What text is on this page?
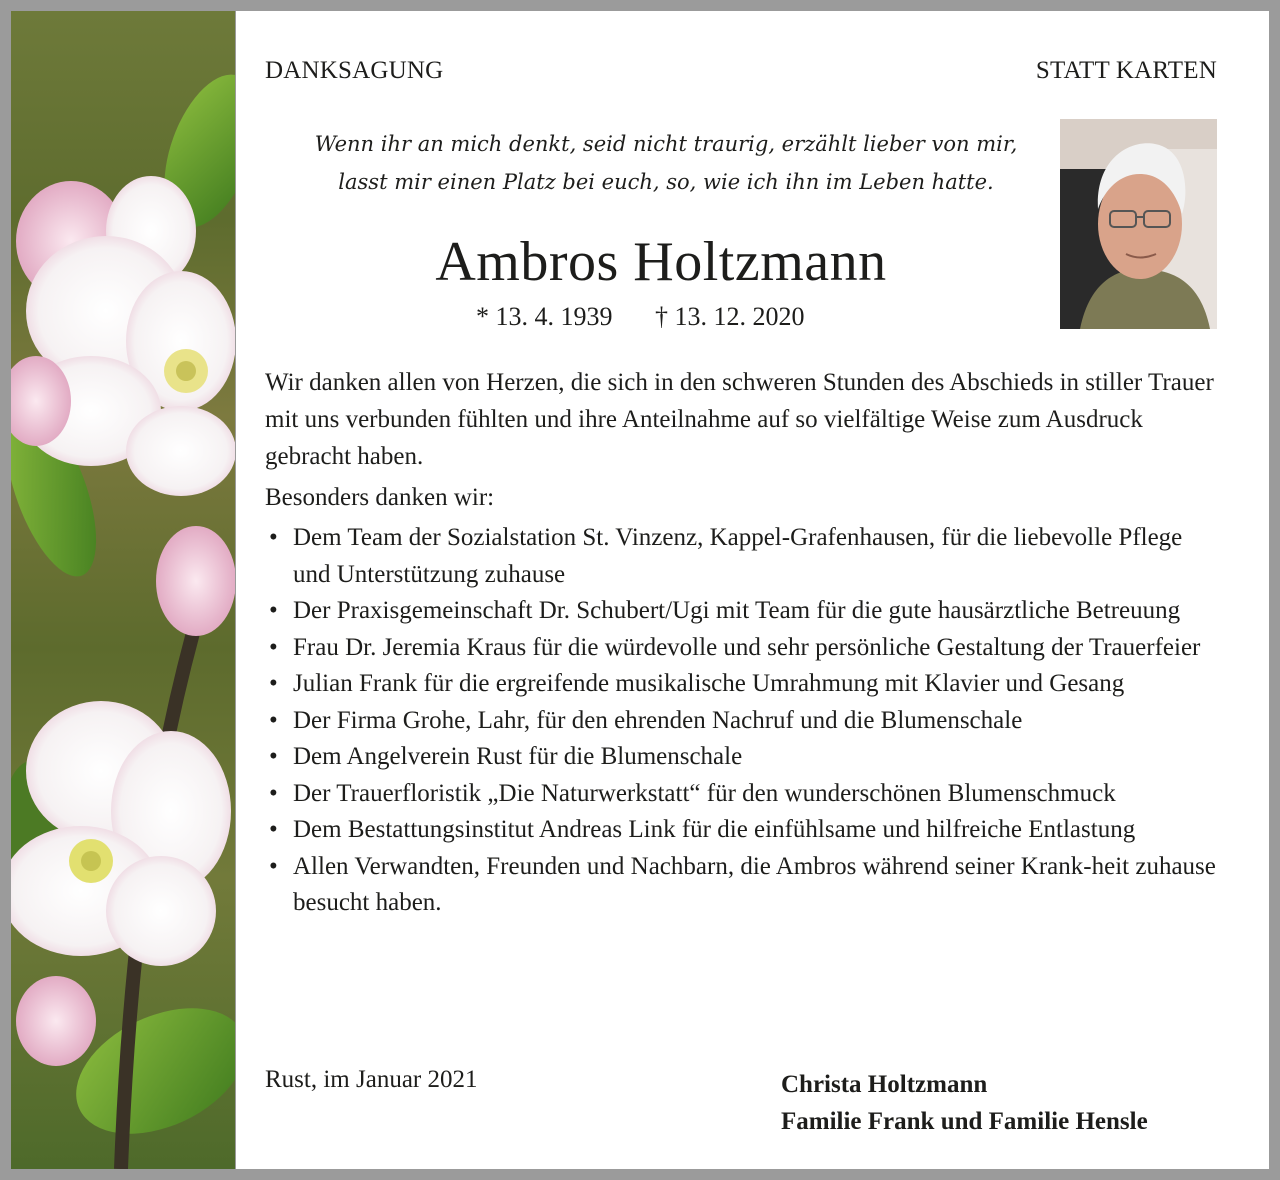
DANKSAGUNG	STATT KARTEN
Wenn ihr an mich denkt, seid nicht traurig, erzählt lieber von mir,
lasst mir einen Platz bei euch, so, wie ich ihn im Leben hatte.
Ambros Holtzmann
* 13. 4. 1939 † 13. 12. 2020

Wir danken allen von Herzen, die sich in den schweren Stunden des Abschieds in stiller Trauer mit uns verbunden fühlten und ihre Anteilnahme auf so vielfältige Weise zum Ausdruck gebracht haben.

Besonders danken wir:

• Dem Team der Sozialstation St. Vinzenz, Kappel-Grafenhausen, für die liebevolle Pflege und Unterstützung zuhause
• Der Praxisgemeinschaft Dr. Schubert/Ugi mit Team für die gute hausärztliche Betreuung
• Frau Dr. Jeremia Kraus für die würdevolle und sehr persönliche Gestaltung der Trauerfeier
• Julian Frank für die ergreifende musikalische Umrahmung mit Klavier und Gesang
• Der Firma Grohe, Lahr, für den ehrenden Nachruf und die Blumenschale
• Dem Angelverein Rust für die Blumenschale
• Der Trauerfloristik „Die Naturwerkstatt“ für den wunderschönen Blumenschmuck
• Dem Bestattungsinstitut Andreas Link für die einfühlsame und hilfreiche Entlastung
• Allen Verwandten, Freunden und Nachbarn, die Ambros während seiner Krank-heit zuhause besucht haben.
Rust, im Januar 2021	Christa Holtzmann
Familie Frank und Familie Hensle
